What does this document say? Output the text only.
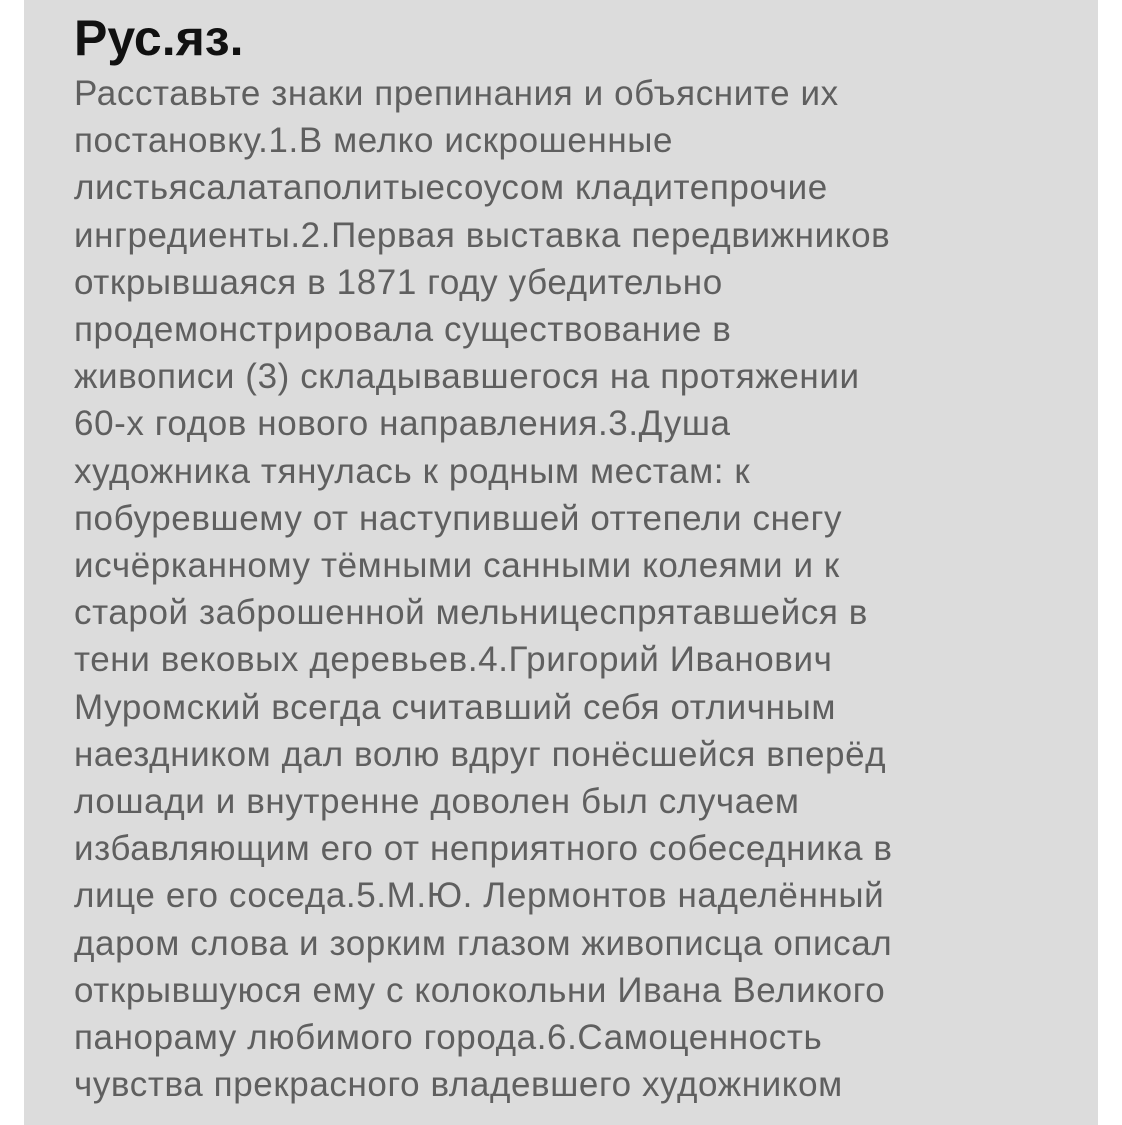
Рус.яз.
Расставьте знаки препинания и объясните их
постановку.1.В мелко искрошенные
листьясалатаполитыесоусом кладитепрочие
ингредиенты.2.Первая выставка передвижников
открывшаяся в 1871 году убедительно
продемонстрировала существование в
живописи (3) складывавшегося на протяжении
60-х годов нового направления.3.Душа
художника тянулась к родным местам: к
побуревшему от наступившей оттепели снегу
исчёрканному тёмными санными колеями и к
старой заброшенной мельницеспрятавшейся в
тени вековых деревьев.4.Григорий Иванович
Муромский всегда считавший себя отличным
наездником дал волю вдруг понёсшейся вперёд
лошади и внутренне доволен был случаем
избавляющим его от неприятного собеседника в
лице его соседа.5.М.Ю. Лермонтов наделённый
даром слова и зорким глазом живописца описал
открывшуюся ему с колокольни Ивана Великого
панораму любимого города.6.Самоценность
чувства прекрасного владевшего художником
